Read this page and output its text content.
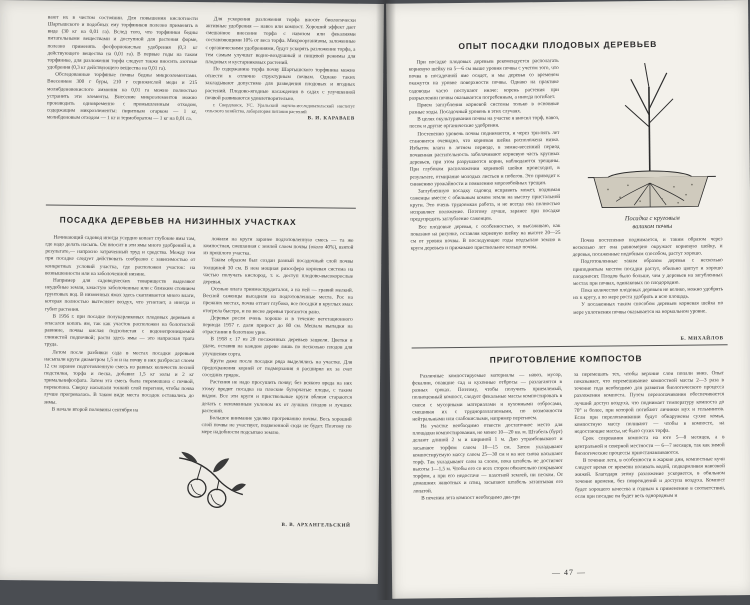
вают их в чистом состоянии. Для повышения кислотности Шартышского и подобных ему торфяников полезно применять в виде (30 кг на 0,01 га). Вслед того, что торфяники бедны питательными веществами и доступной для растения форме, полезно применять фосфорнокислые удобрения (0,3 кг действующего вещества на 0,01 га). В первые годы на таком торфянике, для разложения торфа следует также вносить азотные удобрения (0,3 кг действующего вещества на 0,01 га).

Обследованные торфяные почвы бедны микроэлементами. Внесением 300 г буры, 210 г сернокислой меди и 215 молибденовокислого аммония на 0,01 га можно полностью устранить эти элементы. Внесение микроэлементов можно производить одновременно с промышленным отходом, содержащим микроэлементы: пиритным огарком — 1 кг, молибденовым отходом — 1 кг и термоборатом — 1 кг на 0,01 га.

Для ускорения разложения торфа вносят биологически активные удобрения — навоз или компост. Хороший эффект дает смешанное внесение торфа с навозом или фекалиями составляющими 10% от веса торфа. Микроорганизмы, заложенные с органическими удобрениями, будут ускорять разложение торфа, а тем самым улучшат водно-воздушный и пищевой режимы для плодовых и кустарниковых растений.

По содержанию торфа почву Шартышского торфяника можно отнести к отлично структурным почвам. Однако таких закладывают допустимо для разведения плодовых и ягодных растений. Плодово-ягодные насаждения в садах с улучшенной почвой развиваются удовлетворительно.

г. Свердловск, УС. Уральский научно-исследовательский институт сельского хозяйства, лаборатория питания растений

В. И. КАРАВАЕВ
ПОСАДКА ДЕРЕВЬЕВ НА НИЗИННЫХ УЧАСТКАХ

Начинающий садовод иногда усердно копает глубокие ямы там, где надо делать насыпь. Он вносит в эти ямы много удобрений и, в результате,— напрасно затраченный труд и средства. Между тем при посадке следует действовать сообразно с зависимостью от конкретных условий участка, где расположен участок: на возвышенности или на заболоченной низине.

Например для садоводческих товариществ выделяют неудобные земли, зачастую заболоченные или с близким стоянием грунтовых вод. В низменных ямах здесь скапливается много влаги, которая полностью вытесняет воздух, что угнетает, а иногда и губит растения.

В 1956 г. при посадке полукарликовых плодовых деревьев я опасался копать ям, так как участок расположен на болотистой равнине, почвы кислая подзолистая с водонепроницаемой глинистой подпочвой; расти здесь ямы — это напрасная трата труда.

Летом после разбивки сада в местах посадки деревьев насыпали круги диаметром 1,5 м и на почву в них разбросал слоем 12 см заранее подготовленную смесь из равных количеств лесной подстилки, торфа и песка, добавил 1,5 кг золы и 2 кг тримальнифосфата. Затем эта смесь была перемешана с почвой, перекопана. Сверху насыпали тонкий слой перегноя, чтобы почва лучше прогревалась. В таком виде места посадок оставались до зимы.

В начале второй половины сентября на

ложили на круги заранее подготовленную смесь — та же компостная, смешанная с землей слоем почвы (около 40%), взятой из прошлого участка.

Таким образом был создан разный посадочный слой почвы толщиной 30 см. В нем мощная ризосфера корневая система на частью получать кислород, т. к. доступ плодово-высокорослые деревья.

Осенью влага тринмоспрудитался, а на ней — гравий мелкий. Весной саженцы высадили на подготовленные места. Рос на прежних местах, почва оттает глубоко, все посадки в круглых ямах отогрела быстро, и по весне деревья трогаются рано.

Деревья росли очень хорошо и в течение вегетационного периода 1957 г. дали прирост до 80 см. Мешала выпадки на отрастании в болотном урне.

В 1958 г. 17 из 20 посаженных деревьев зацвели. Цветки в удаче, оставив на каждом дереве лишь по несколько плодов для улучшения сорта.

Круги даже после посадки ряда выделялись на участке. Для предохранения корней от подмерзания я расширял их за счет соседних грядок.

Растения не надо просушить почву; без всякого вреда на них этому вредит посадка на плоские бугорчатые плоды, с таким видом. Все эти круги и приствольные круги вблизи стараются делать с неизменным уклоном их от лучших плодов и лучших растений.

Большое внимание уделяю прогреванию почвы. Весь хороший слой почвы не участвует, подвезенной сюда не будет. Поэтому по мере надобности подсыпаю землю.

В. В. АРХАНГЕЛЬСКИЙ
ОПЫТ ПОСАДКИ ПЛОДОВЫХ ДЕРЕВЬЕВ

При посадке плодовых деревьев рекомендуется располагать корневую шейку на 5—6 см выше уровня почвы с учетом того, что почва в посадочной яме осядет, и мы деревья со временем окажутся на уровне поверхности почвы. Однако на практике садоводы часто поступают иначе: корень растения при разрыхлении почвы оказывается погребенным, а иногда погибает.

Прием заглубления корневой системы только в основные разные ходы. Посадочный уровень в этих случаях.

В целях окультуривания почвы на участке я вносил торф, навоз, песок и другие органические удобрения.

Постепенно уровень почвы поднимается, и через три-пять лет становится очевидно, что корневая шейка расположена низко. Избыток влаги в летнем периоде, в зимне-весенний период почвенная растительность заболачивают корневую часть крупных деревьев, при этом разрушаются корни, наблюдаются трещины. При глубоком расположении корневой шейки происходит, в результате, отмирание молодых листьев и побегов. Это приводит к снижению урожайности и появлению морозобойных трещин.

Заглубленную посадку садовод исправить может, поднимая саженцы вместе с обильным комом земли на высоту пристальной круги. Это очень трудоемкая работа, и не всегда она полностью исправляет положение. Поэтому лучше, заранее при посадке предупредить заглубление саженцев.

Все плодовые деревья, с особенностью, я высаживаю, как показано на рисунке, оставляя корневую шейку на высоте 20—25 см от уровня почвы. В последующие годы подсыпаю землю в круги деревьев и прижимаю приствольное кольцо почвы.

Посадка с круговым
валиком почвы

Почва постепенно поднимается, и таким образом через несколько лет она равномерно окружает корневую шейку, и деревья, посаженные подобным способом, растут хорошо.

Подготовленные таким образом деревья с несколько приподнятым местом посадки растут, обильно цветут и хорошо плодоносят. Плодов было больше, чем у деревьев на загубленных местах при почвах, одинаковых по плодородию.

Пока количество плодовых деревьев не велико, можно удобрять их к кругу, а по мере роста удобрять и всю площадь.

У посаженных таким способом деревьев корневая шейка по мере уплотнения почвы оказывается на нормальном уровне.

Б. МИХАЙЛОВ
ПРИГОТОВЛЕНИЕ КОМПОСТОВ

Различные компостируемые материалы — навоз, мусор, фекалии, опавшие сад и кухонные отбросы — разлагаются в разных сроках. Поэтому, чтобы получить приемлемый, полноценный компост, следует фекальные массы компостировать в смеси с мусорными материалами и кухонными отбросами, смешивая их с трудноразлагаемыми, по возможности нейтральными или слабокислыми, например перегноем.

На участке необходимо отвести достаточное место для площадки компостирования, не менее 10—20 кв. м. Штабель (бурт) делают длиной 2 м и шириной 1 м. Дно утрамбовывают и засыпают торфом слоем 10—15 см. Затем укладывают компостируемую массу слоем 25—30 см и на нее снова насыпают торф. Так укладывают слои за слоем, пока штабель не достигнет высоты 1—1,5 м. Чтобы его со всех сторон обязательно покрывают торфом, а при его недостаче — пахотной землей, ни песком. От домашних животных и птиц, засыпают штабель затаптывая его лопатой.

В печении лета компост необходимо два-три

за перемешать тех, чтобы верхние слои попали вниз. Опыт показывает, что перемешивание компостной массы 2—3 раза в течение года необходимо для развития биологического процесса разложения компоста. Путем перелопачивания обеспечивается лучший доступ воздуха, что поднимает температуру компоста до 70° и более, при которой погибают личинки мух и гельминтов. Если при перелопачивании будут обнаружены сухие комья, компостную массу поливают — чтобы в компосте, на недостающие массы, не было сухих торфа.

Срок созревания компоста на юге 5—8 месяцев, а в центральной и северной местности — 6—7 месяцев, так как зимой биологические процессы приостанавливаются.

В течение лета, в особенности в жаркие дни, компостные кучи следует время от времени поливать водой, подкармливая навозной жижей. Благодаря этому разложение ускоряется, в обильном течение времени, без повреждений и доступа воздуха. Компост будет хорошего качества и годным к применению в соответствии, если при посадке он будет весь однородным и

— 47 —
